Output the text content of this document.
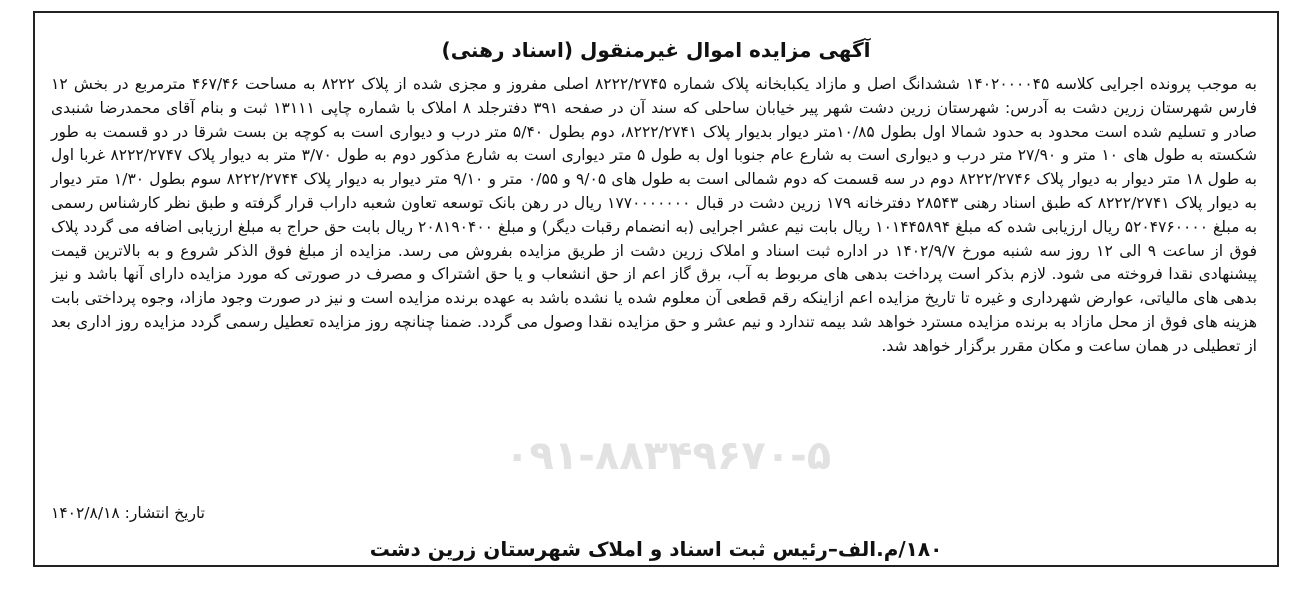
آگهی مزایده اموال غیرمنقول (اسناد رهنی)

به موجب پرونده اجرایی کلاسه ۱۴۰۲۰۰۰۰۴۵ ششدانگ اصل و مازاد یکبابخانه پلاک شماره ۸۲۲۲/۲۷۴۵ اصلی مفروز و مجزی شده از پلاک ۸۲۲۲ به مساحت ۴۶۷/۴۶ مترمربع در بخش ۱۲ فارس شهرستان زرین دشت به آدرس: شهرستان زرین دشت شهر پیر خیابان ساحلی که سند آن در صفحه ۳۹۱ دفترجلد ۸ املاک با شماره چاپی ۱۳۱۱۱ ثبت و بنام آقای محمدرضا شنبدی صادر و تسلیم شده است محدود به حدود شمالا اول بطول ۱۰/۸۵متر دیوار بدیوار پلاک ۸۲۲۲/۲۷۴۱، دوم بطول ۵/۴۰ متر درب و دیواری است به کوچه بن بست شرقا در دو قسمت به طور شکسته به طول های ۱۰ متر و ۲۷/۹۰ متر درب و دیواری است به شارع عام جنوبا اول به طول ۵ متر دیواری است به شارع مذکور دوم به طول ۳/۷۰ متر به دیوار پلاک ۸۲۲۲/۲۷۴۷ غربا اول به طول ۱۸ متر دیوار به دیوار پلاک ۸۲۲۲/۲۷۴۶ دوم در سه قسمت که دوم شمالی است به طول های ۹/۰۵ و ۰/۵۵ متر و ۹/۱۰ متر دیوار به دیوار پلاک ۸۲۲۲/۲۷۴۴ سوم بطول ۱/۳۰ متر دیوار به دیوار پلاک ۸۲۲۲/۲۷۴۱ که طبق اسناد رهنی ۲۸۵۴۳ دفترخانه ۱۷۹ زرین دشت در قبال ۱۷۷۰۰۰۰۰۰۰ ریال در رهن بانک توسعه تعاون شعبه داراب قرار گرفته و طبق نظر کارشناس رسمی به مبلغ ۵۲۰۴۷۶۰۰۰۰ ریال ارزیابی شده که مبلغ ۱۰۱۴۴۵۸۹۴ ریال بابت نیم عشر اجرایی (به انضمام رقبات دیگر) و مبلغ ۲۰۸۱۹۰۴۰۰ ریال بابت حق حراج به مبلغ ارزیابی اضافه می گردد پلاک فوق از ساعت ۹ الی ۱۲ روز سه شنبه مورخ ۱۴۰۲/۹/۷ در اداره ثبت اسناد و املاک زرین دشت از طریق مزایده بفروش می رسد. مزایده از مبلغ فوق الذکر شروع و به بالاترین قیمت پیشنهادی نقدا فروخته می شود. لازم بذکر است پرداخت بدهی های مربوط به آب، برق گاز اعم از حق انشعاب و یا حق اشتراک و مصرف در صورتی که مورد مزایده دارای آنها باشد و نیز بدهی های مالیاتی، عوارض شهرداری و غیره تا تاریخ مزایده اعم ازاینکه رقم قطعی آن معلوم شده یا نشده باشد به عهده برنده مزایده است و نیز در صورت وجود مازاد، وجوه پرداختی بابت هزینه های فوق از محل مازاد به برنده مزایده مسترد خواهد شد بیمه تندارد و نیم عشر و حق مزایده نقدا وصول می گردد. ضمنا چنانچه روز مزایده تعطیل رسمی گردد مزایده روز اداری بعد از تعطیلی در همان ساعت و مکان مقرر برگزار خواهد شد.

تاریخ انتشار: ۱۴۰۲/۸/۱۸
۱۸۰/م.الف–رئیس ثبت اسناد و املاک شهرستان زرین دشت
۰۹۱-۸۸۳۴۹۶۷۰-۵
